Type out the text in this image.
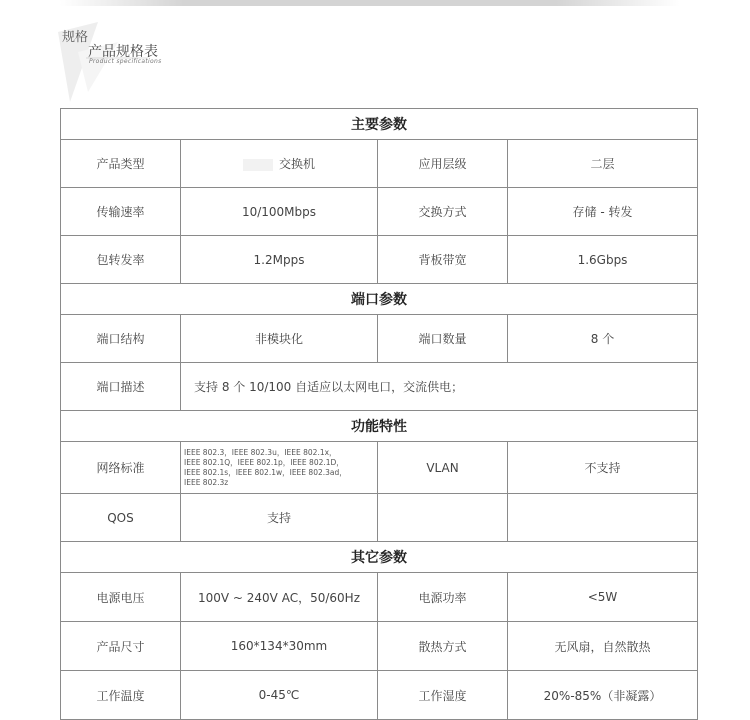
规格
产品规格表
Product specifications
主要参数			
产品类型	交换机	应用层级	二层
传输速率	10/100Mbps	交换方式	存储 - 转发
包转发率	1.2Mpps	背板带宽	1.6Gbps
端口参数			
端口结构	非模块化	端口数量	8 个
端口描述	支持 8 个 10/100 自适应以太网电口，交流供电；		
功能特性			
网络标准	IEEE 802.3，IEEE 802.3u，IEEE 802.1x，
IEEE 802.1Q，IEEE 802.1p，IEEE 802.1D，
IEEE 802.1s，IEEE 802.1w，IEEE 802.3ad，
IEEE 802.3z	VLAN	不支持
QOS	支持		
其它参数			
电源电压	100V ~ 240V AC，50/60Hz	电源功率	<5W
产品尺寸	160*134*30mm	散热方式	无风扇，自然散热
工作温度	0-45℃	工作湿度	20%-85%（非凝露）
